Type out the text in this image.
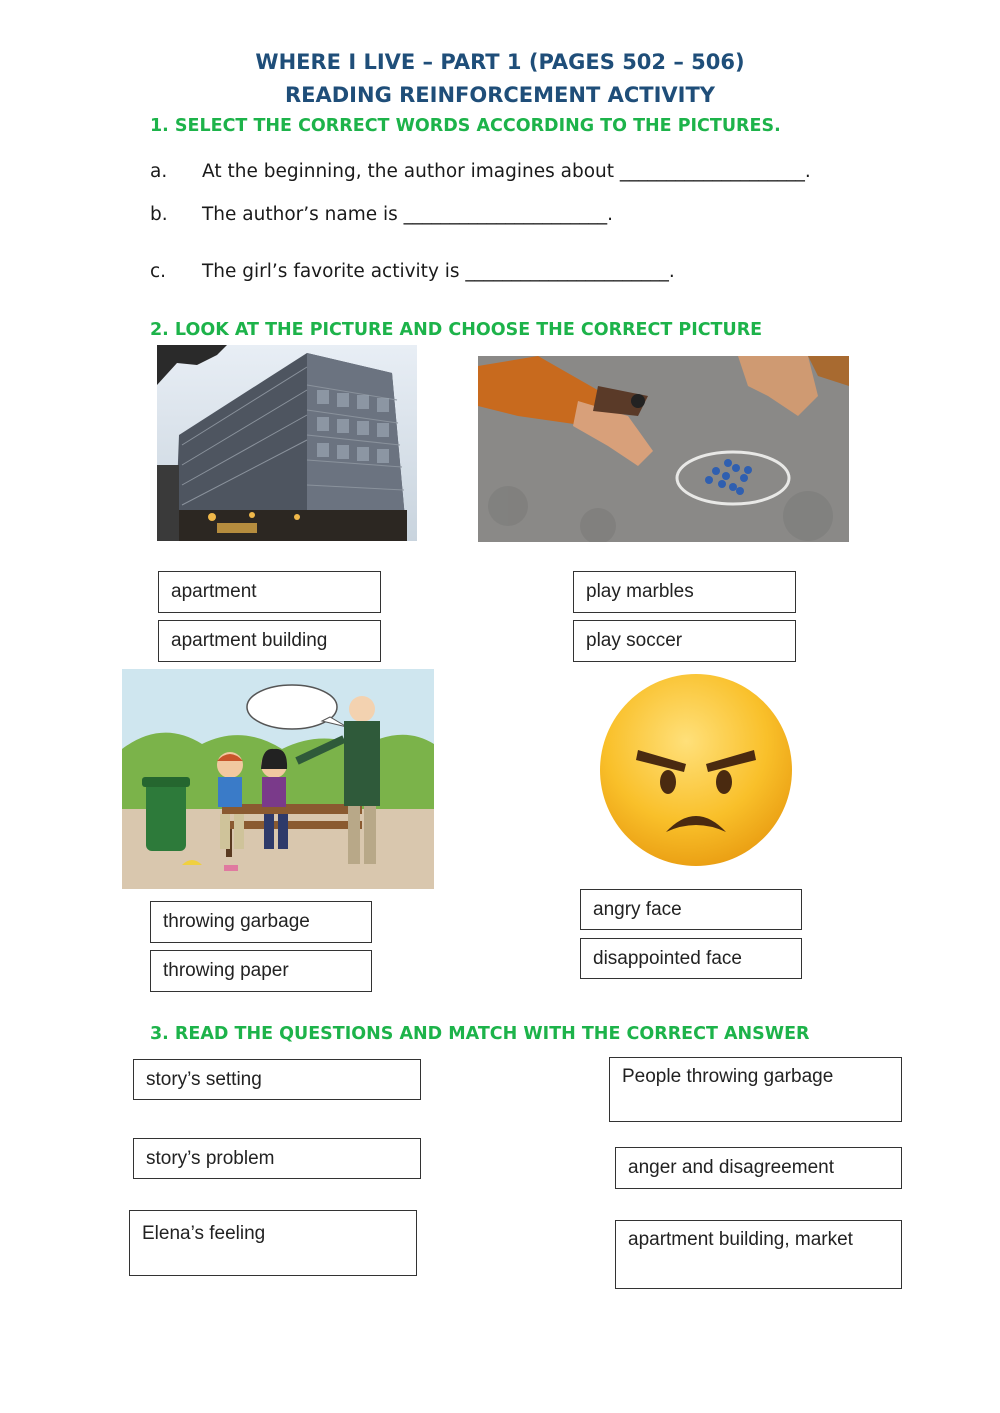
WHERE I LIVE – PART 1 (PAGES 502 – 506)
READING REINFORCEMENT ACTIVITY
1. SELECT THE CORRECT WORDS ACCORDING TO THE PICTURES.
a. At the beginning, the author imagines about ____________________.
b. The author’s name is ______________________.
c. The girl’s favorite activity is ______________________.
2. LOOK AT THE PICTURE AND CHOOSE THE CORRECT PICTURE
apartment
apartment building
play marbles
play soccer
throwing garbage
throwing paper
angry face
disappointed face
3. READ THE QUESTIONS AND MATCH WITH THE CORRECT ANSWER
story’s setting
story’s problem
Elena’s feeling
People throwing garbage
anger and disagreement
apartment building, market
